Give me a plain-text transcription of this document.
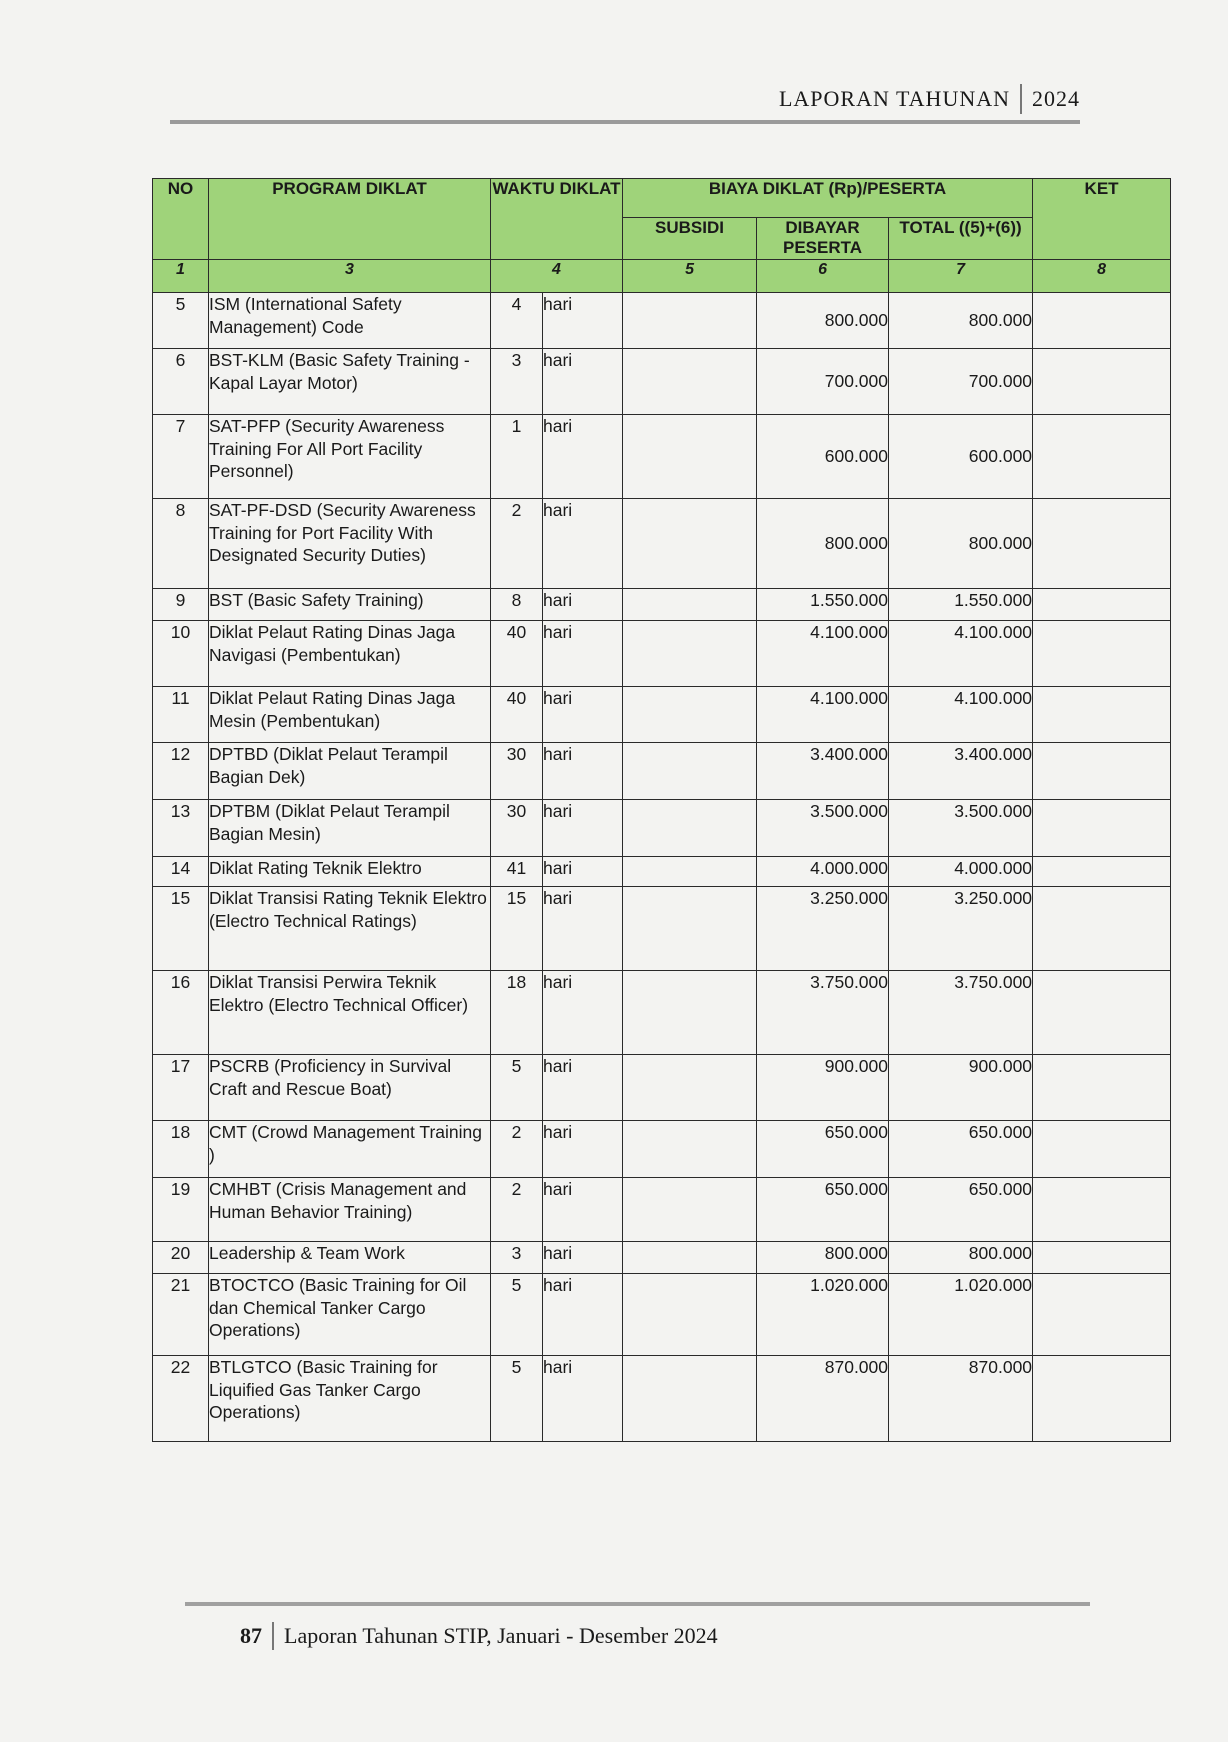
LAPORAN TAHUNAN 2024
NO	PROGRAM DIKLAT	WAKTU DIKLAT		BIAYA DIKLAT (Rp)/PESERTA			KET
				SUBSIDI	DIBAYAR PESERTA	TOTAL ((5)+(6))	
1	3	4		5	6	7	8
5	ISM (International Safety Management) Code	4	hari		800.000	800.000	
6	BST-KLM (Basic Safety Training - Kapal Layar Motor)	3	hari		700.000	700.000	
7	SAT-PFP (Security Awareness Training For All Port Facility Personnel)	1	hari		600.000	600.000	
8	SAT-PF-DSD (Security Awareness Training for Port Facility With Designated Security Duties)	2	hari		800.000	800.000	
9	BST (Basic Safety Training)	8	hari		1.550.000	1.550.000	
10	Diklat Pelaut Rating Dinas Jaga Navigasi (Pembentukan)	40	hari		4.100.000	4.100.000	
11	Diklat Pelaut Rating Dinas Jaga Mesin (Pembentukan)	40	hari		4.100.000	4.100.000	
12	DPTBD (Diklat Pelaut Terampil Bagian Dek)	30	hari		3.400.000	3.400.000	
13	DPTBM (Diklat Pelaut Terampil Bagian Mesin)	30	hari		3.500.000	3.500.000	
14	Diklat Rating Teknik Elektro	41	hari		4.000.000	4.000.000	
15	Diklat Transisi Rating Teknik Elektro (Electro Technical Ratings)	15	hari		3.250.000	3.250.000	
16	Diklat Transisi Perwira Teknik Elektro (Electro Technical Officer)	18	hari		3.750.000	3.750.000	
17	PSCRB (Proficiency in Survival Craft and Rescue Boat)	5	hari		900.000	900.000	
18	CMT (Crowd Management Training )	2	hari		650.000	650.000	
19	CMHBT (Crisis Management and Human Behavior Training)	2	hari		650.000	650.000	
20	Leadership & Team Work	3	hari		800.000	800.000	
21	BTOCTCO (Basic Training for Oil dan Chemical Tanker Cargo Operations)	5	hari		1.020.000	1.020.000	
22	BTLGTCO (Basic Training for Liquified Gas Tanker Cargo Operations)	5	hari		870.000	870.000	
87 Laporan Tahunan STIP, Januari - Desember 2024
